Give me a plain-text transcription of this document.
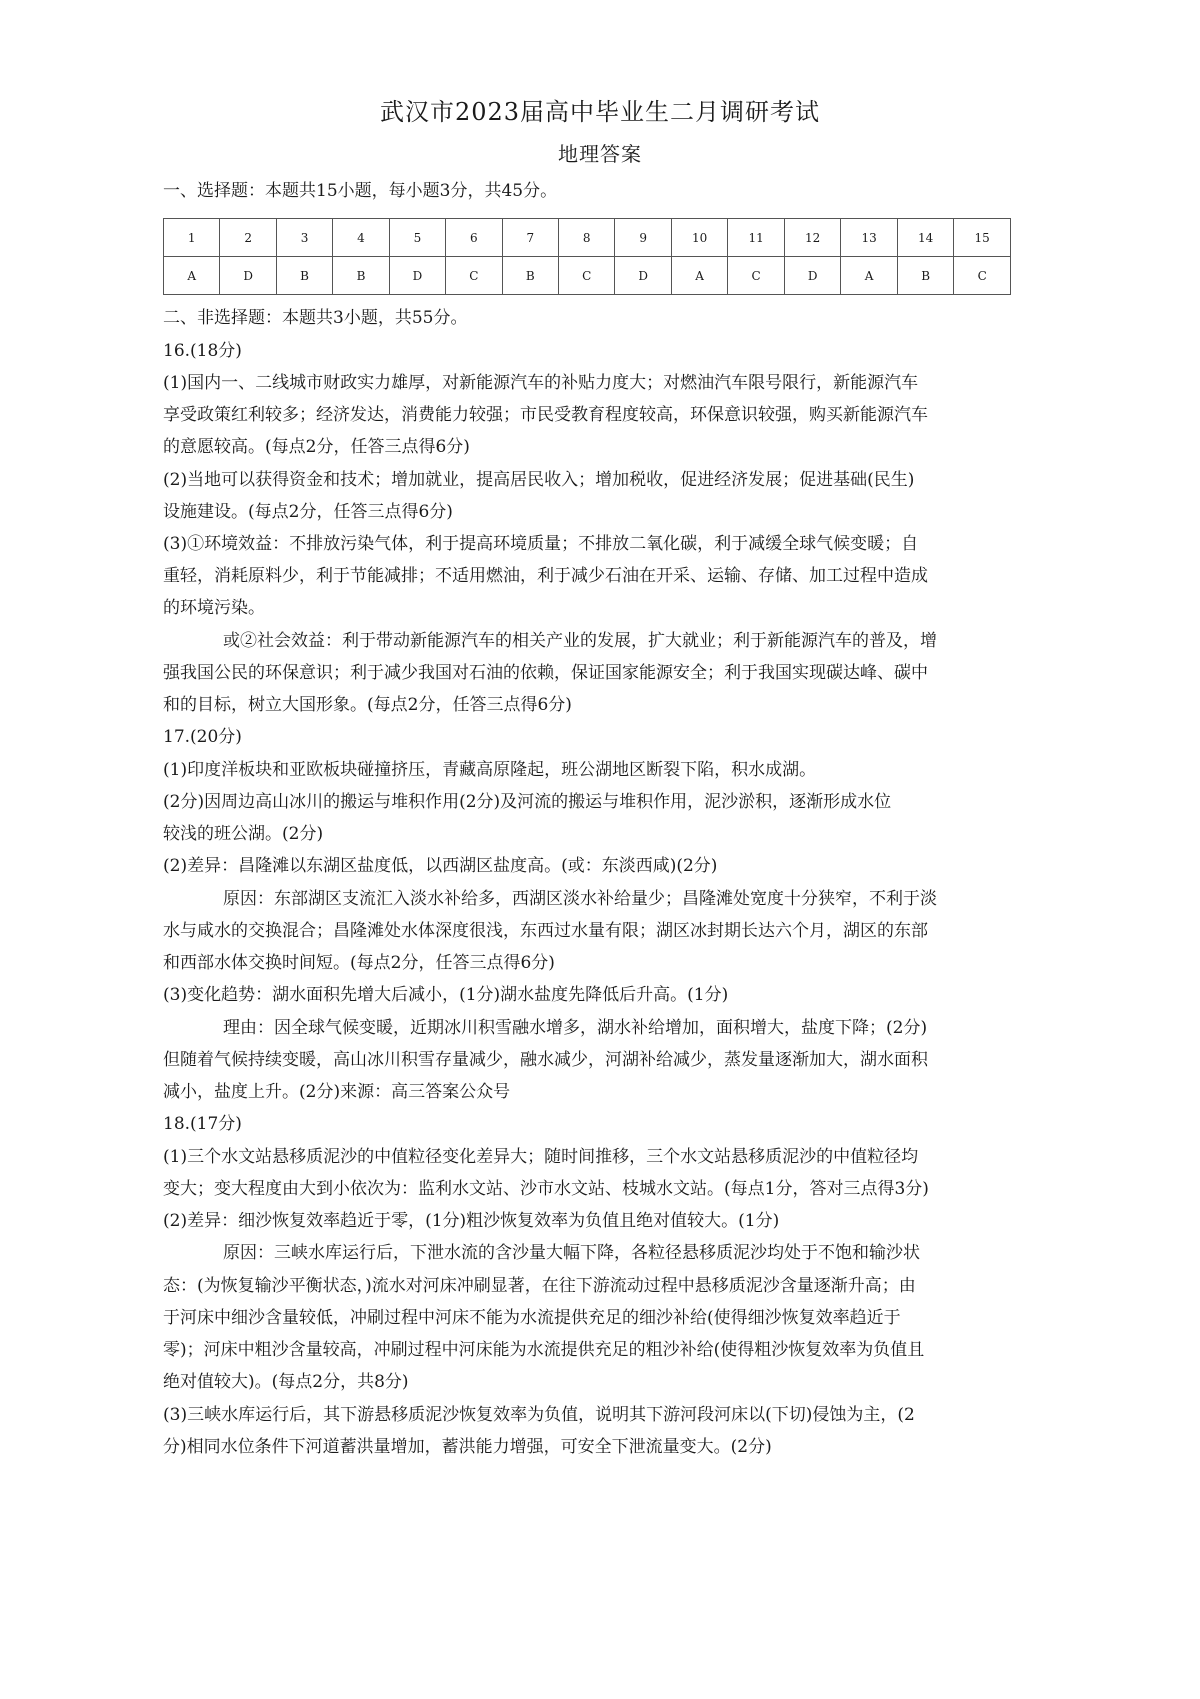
武汉市2023届高中毕业生二月调研考试
地理答案
一、选择题：本题共15小题，每小题3分，共45分。
1	2	3	4	5	6	7	8	9	10	11	12	13	14	15
A	D	B	B	D	C	B	C	D	A	C	D	A	B	C
二、非选择题：本题共3小题，共55分。
16.(18分)
(1)国内一、二线城市财政实力雄厚，对新能源汽车的补贴力度大；对燃油汽车限号限行，新能源汽车
享受政策红利较多；经济发达，消费能力较强；市民受教育程度较高，环保意识较强，购买新能源汽车
的意愿较高。(每点2分，任答三点得6分)
(2)当地可以获得资金和技术；增加就业，提高居民收入；增加税收，促进经济发展；促进基础(民生)
设施建设。(每点2分，任答三点得6分)
(3)①环境效益：不排放污染气体，利于提高环境质量；不排放二氧化碳，利于减缓全球气候变暖；自
重轻，消耗原料少，利于节能减排；不适用燃油，利于减少石油在开采、运输、存储、加工过程中造成
的环境污染。
或②社会效益：利于带动新能源汽车的相关产业的发展，扩大就业；利于新能源汽车的普及，增
强我国公民的环保意识；利于减少我国对石油的依赖，保证国家能源安全；利于我国实现碳达峰、碳中
和的目标，树立大国形象。(每点2分，任答三点得6分)
17.(20分)
(1)印度洋板块和亚欧板块碰撞挤压，青藏高原隆起，班公湖地区断裂下陷，积水成湖。
(2分)因周边高山冰川的搬运与堆积作用(2分)及河流的搬运与堆积作用，泥沙淤积，逐渐形成水位
较浅的班公湖。(2分)
(2)差异：昌隆滩以东湖区盐度低，以西湖区盐度高。(或：东淡西咸)(2分)
原因：东部湖区支流汇入淡水补给多，西湖区淡水补给量少；昌隆滩处宽度十分狭窄，不利于淡
水与咸水的交换混合；昌隆滩处水体深度很浅，东西过水量有限；湖区冰封期长达六个月，湖区的东部
和西部水体交换时间短。(每点2分，任答三点得6分)
(3)变化趋势：湖水面积先增大后减小，(1分)湖水盐度先降低后升高。(1分)
理由：因全球气候变暖，近期冰川积雪融水增多，湖水补给增加，面积增大，盐度下降；(2分)
但随着气候持续变暖，高山冰川积雪存量减少，融水减少，河湖补给减少，蒸发量逐渐加大，湖水面积
减小，盐度上升。(2分)来源：高三答案公众号
18.(17分)
(1)三个水文站悬移质泥沙的中值粒径变化差异大；随时间推移，三个水文站悬移质泥沙的中值粒径均
变大；变大程度由大到小依次为：监利水文站、沙市水文站、枝城水文站。(每点1分，答对三点得3分)
(2)差异：细沙恢复效率趋近于零，(1分)粗沙恢复效率为负值且绝对值较大。(1分)
原因：三峡水库运行后，下泄水流的含沙量大幅下降，各粒径悬移质泥沙均处于不饱和输沙状
态：(为恢复输沙平衡状态，)流水对河床冲刷显著，在往下游流动过程中悬移质泥沙含量逐渐升高；由
于河床中细沙含量较低，冲刷过程中河床不能为水流提供充足的细沙补给(使得细沙恢复效率趋近于
零)；河床中粗沙含量较高，冲刷过程中河床能为水流提供充足的粗沙补给(使得粗沙恢复效率为负值且
绝对值较大)。(每点2分，共8分)
(3)三峡水库运行后，其下游悬移质泥沙恢复效率为负值，说明其下游河段河床以(下切)侵蚀为主，(2
分)相同水位条件下河道蓄洪量增加，蓄洪能力增强，可安全下泄流量变大。(2分)
